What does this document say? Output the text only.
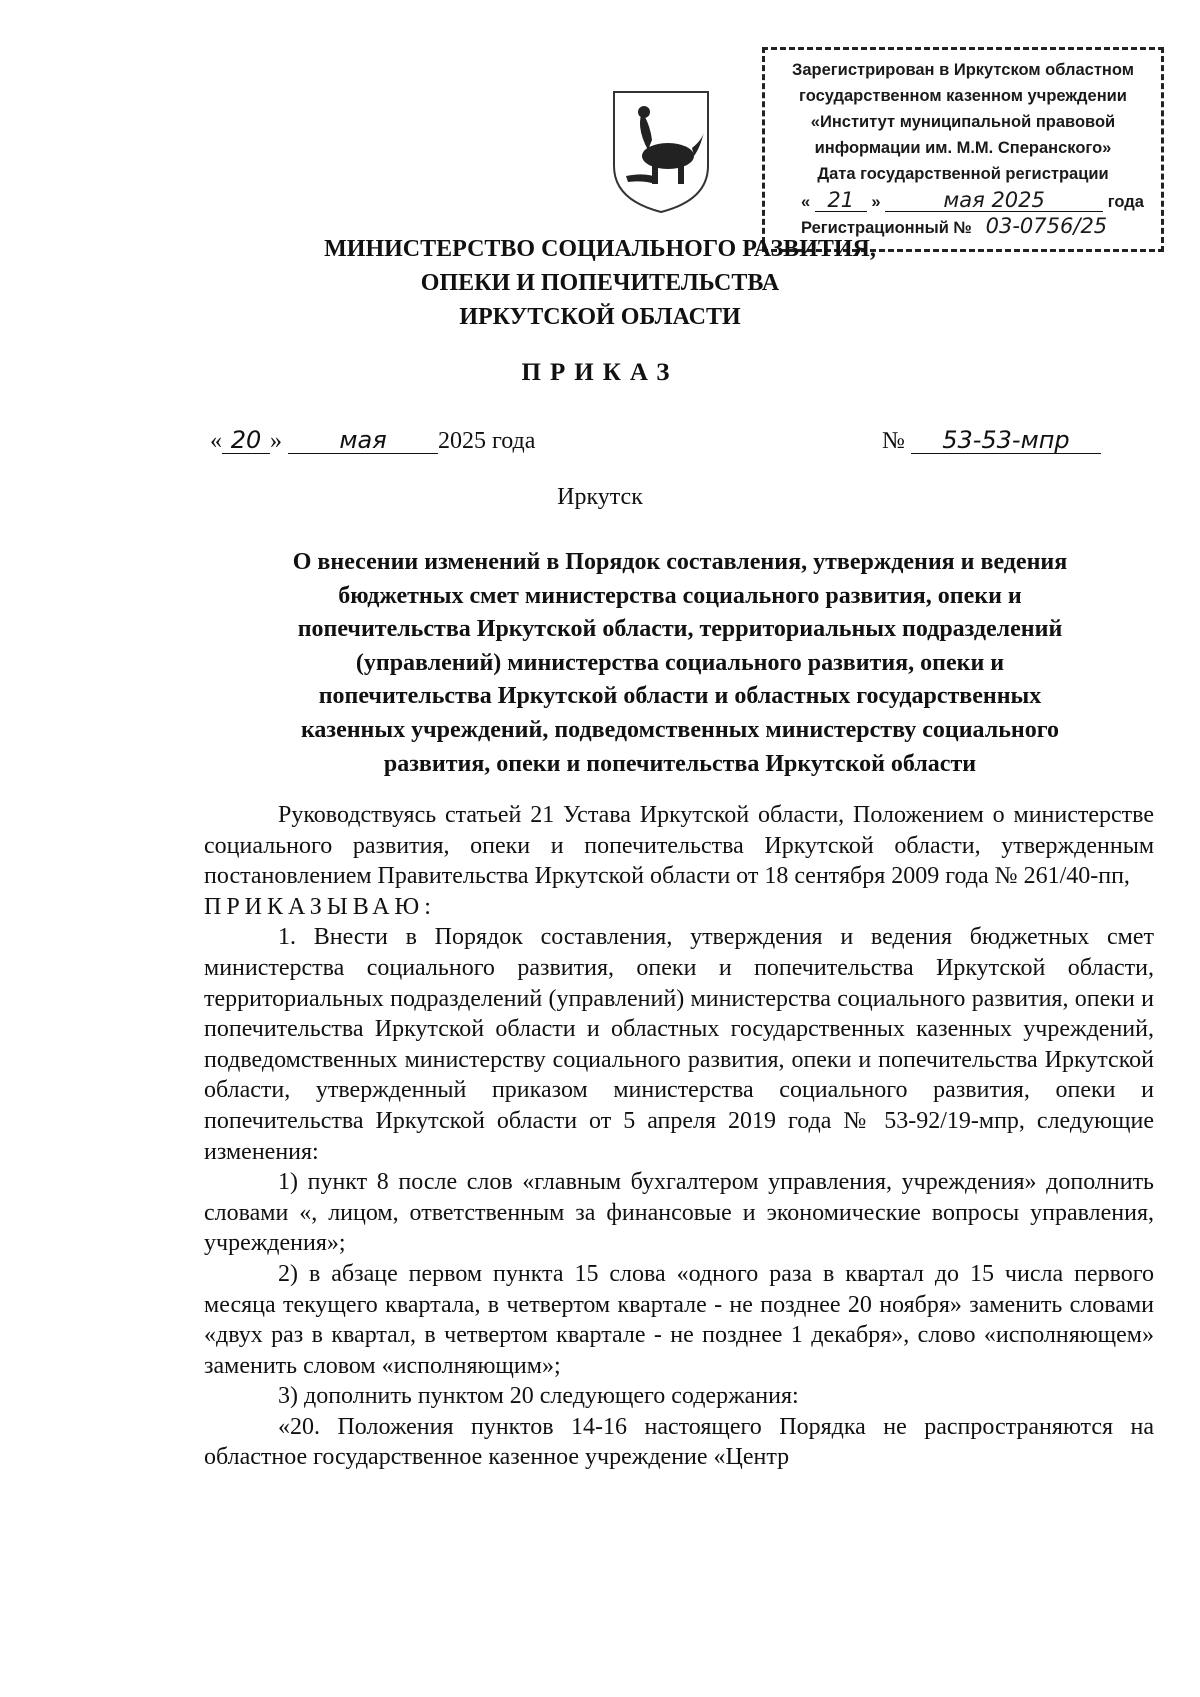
Зарегистрирован в Иркутском областном
государственном казенном учреждении
«Институт муниципальной правовой
информации им. М.М. Сперанского»
Дата государственной регистрации
« 21 »	мая 2025	года
Регистрационный № 03-0756/25
МИНИСТЕРСТВО СОЦИАЛЬНОГО РАЗВИТИЯ,
ОПЕКИ И ПОПЕЧИТЕЛЬСТВА
ИРКУТСКОЙ ОБЛАСТИ
ПРИКАЗ
« 20 » мая 2025 года	№ 53-53-мпр
Иркутск
О внесении изменений в Порядок составления, утверждения и ведения
бюджетных смет министерства социального развития, опеки и
попечительства Иркутской области, территориальных подразделений
(управлений) министерства социального развития, опеки и
попечительства Иркутской области и областных государственных
казенных учреждений, подведомственных министерству социального
развития, опеки и попечительства Иркутской области

Руководствуясь статьей 21 Устава Иркутской области, Положением о министерстве социального развития, опеки и попечительства Иркутской области, утвержденным постановлением Правительства Иркутской области от 18 сентября 2009 года № 261/40-пп,

ПРИКАЗЫВАЮ:

1. Внести в Порядок составления, утверждения и ведения бюджетных смет министерства социального развития, опеки и попечительства Иркутской области, территориальных подразделений (управлений) министерства социального развития, опеки и попечительства Иркутской области и областных государственных казенных учреждений, подведомственных министерству социального развития, опеки и попечительства Иркутской области, утвержденный приказом министерства социального развития, опеки и попечительства Иркутской области от 5 апреля 2019 года № 53-92/19-мпр, следующие изменения:

1) пункт 8 после слов «главным бухгалтером управления, учреждения» дополнить словами «, лицом, ответственным за финансовые и экономические вопросы управления, учреждения»;

2) в абзаце первом пункта 15 слова «одного раза в квартал до 15 числа первого месяца текущего квартала, в четвертом квартале - не позднее 20 ноября» заменить словами «двух раз в квартал, в четвертом квартале - не позднее 1 декабря», слово «исполняющем» заменить словом «исполняющим»;

3) дополнить пунктом 20 следующего содержания:

«20. Положения пунктов 14-16 настоящего Порядка не распространяются на областное государственное казенное учреждение «Центр
